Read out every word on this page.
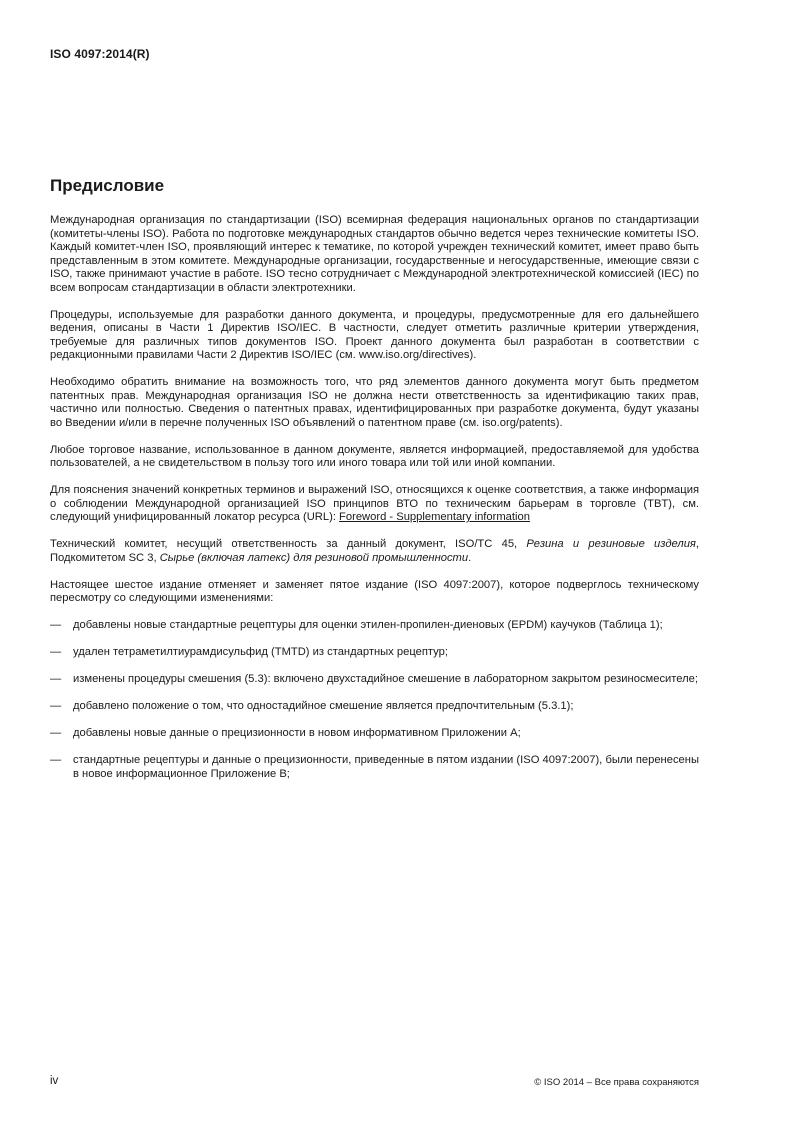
ISO 4097:2014(R)
Предисловие

Международная организация по стандартизации (ISO) всемирная федерация национальных органов по стандартизации (комитеты-члены ISO). Работа по подготовке международных стандартов обычно ведется через технические комитеты ISO. Каждый комитет-член ISO, проявляющий интерес к тематике, по которой учрежден технический комитет, имеет право быть представленным в этом комитете. Международные организации, государственные и негосударственные, имеющие связи с ISO, также принимают участие в работе. ISO тесно сотрудничает с Международной электротехнической комиссией (IEC) по всем вопросам стандартизации в области электротехники.

Процедуры, используемые для разработки данного документа, и процедуры, предусмотренные для его дальнейшего ведения, описаны в Части 1 Директив ISO/IEC. В частности, следует отметить различные критерии утверждения, требуемые для различных типов документов ISO. Проект данного документа был разработан в соответствии с редакционными правилами Части 2 Директив ISO/IEC (см. www.iso.org/directives).

Необходимо обратить внимание на возможность того, что ряд элементов данного документа могут быть предметом патентных прав. Международная организация ISO не должна нести ответственность за идентификацию таких прав, частично или полностью. Сведения о патентных правах, идентифицированных при разработке документа, будут указаны во Введении и/или в перечне полученных ISO объявлений о патентном праве (см. iso.org/patents).

Любое торговое название, использованное в данном документе, является информацией, предоставляемой для удобства пользователей, а не свидетельством в пользу того или иного товара или той или иной компании.

Для пояснения значений конкретных терминов и выражений ISO, относящихся к оценке соответствия, а также информация о соблюдении Международной организацией ISO принципов ВТО по техническим барьерам в торговле (TBT), см. следующий унифицированный локатор ресурса (URL): Foreword - Supplementary information

Технический комитет, несущий ответственность за данный документ, ISO/TC 45, Резина и резиновые изделия, Подкомитетом SC 3, Сырье (включая латекс) для резиновой промышленности.

Настоящее шестое издание отменяет и заменяет пятое издание (ISO 4097:2007), которое подверглось техническому пересмотру со следующими изменениями:

— добавлены новые стандартные рецептуры для оценки этилен-пропилен-диеновых (EPDM) каучуков (Таблица 1);
— удален тетраметилтиурамдисульфид (TMTD) из стандартных рецептур;
— изменены процедуры смешения (5.3): включено двухстадийное смешение в лабораторном закрытом резиносмесителе;
— добавлено положение о том, что одностадийное смешение является предпочтительным (5.3.1);
— добавлены новые данные о прецизионности в новом информативном Приложении А;
— стандартные рецептуры и данные о прецизионности, приведенные в пятом издании (ISO 4097:2007), были перенесены в новое информационное Приложение В;
iv	© ISO 2014 – Все права сохраняются
